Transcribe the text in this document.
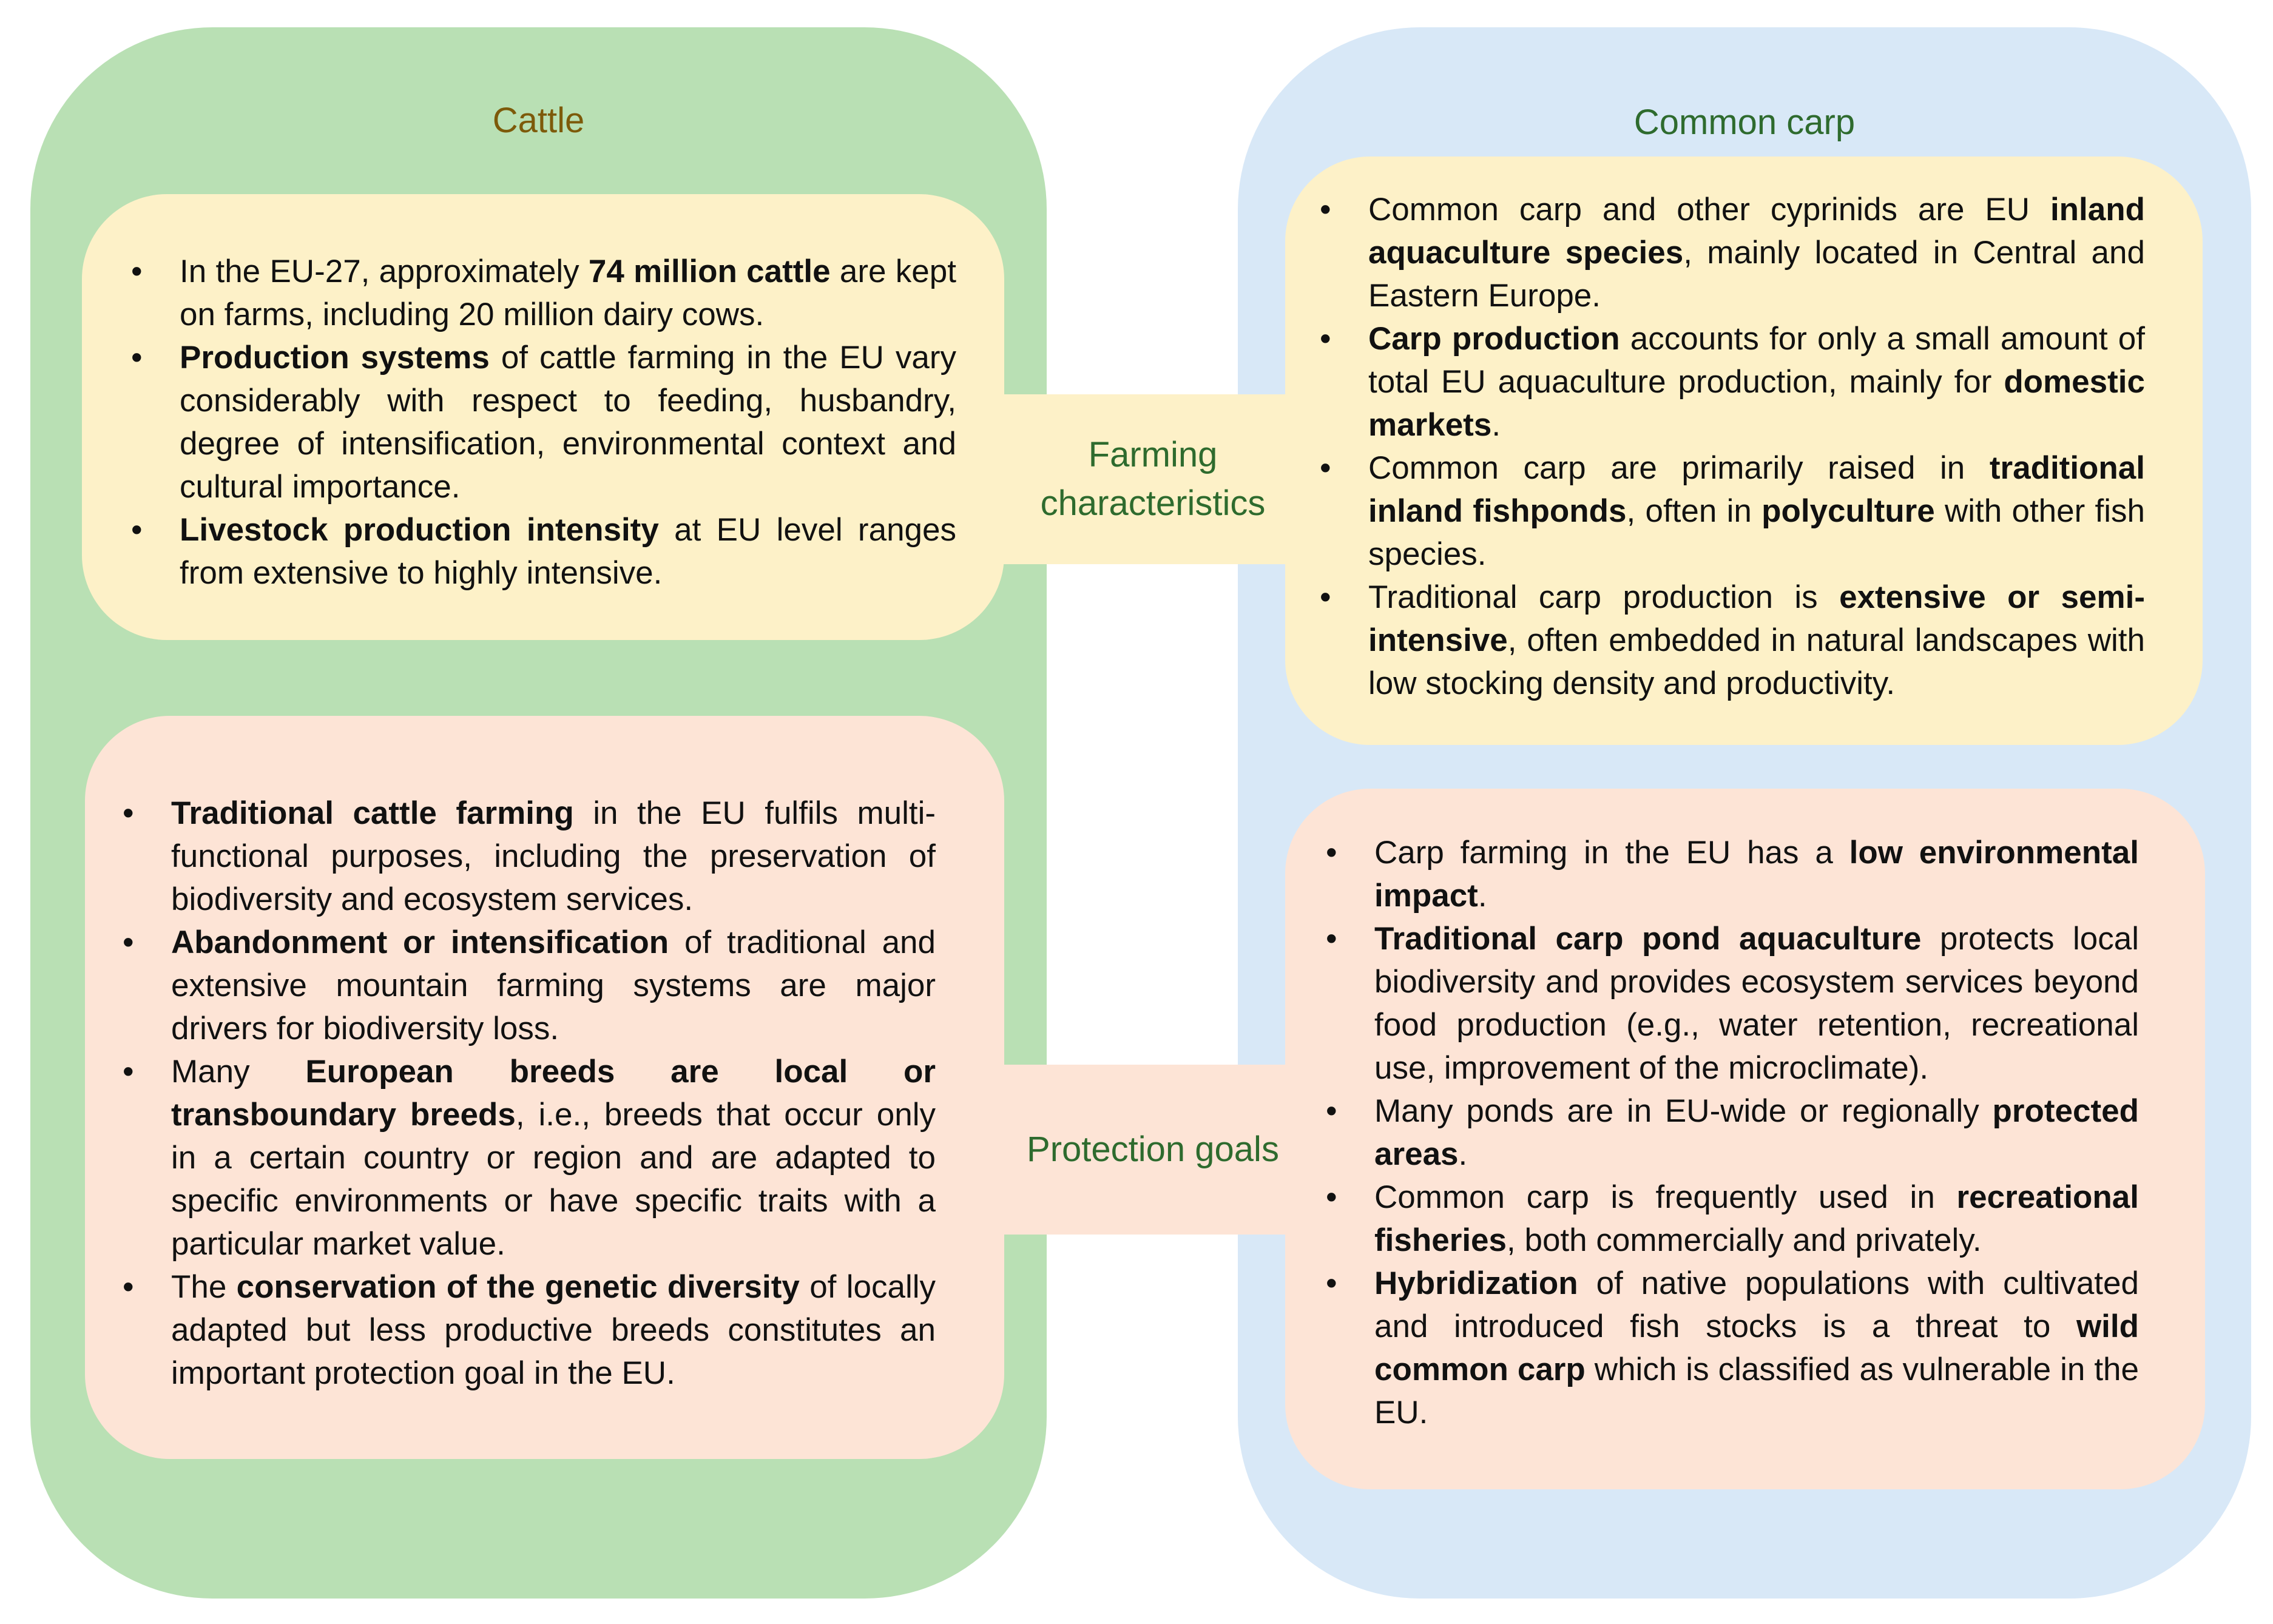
Cattle	Common carp
Farming
characteristics
Protection goals
• In the EU-27, approximately 74 million cattle are kept on farms, including 20 million dairy cows.
• Production systems of cattle farming in the EU vary considerably with respect to feeding, husbandry, degree of intensification, environmental context and cultural importance.
• Livestock production intensity at EU level ranges from extensive to highly intensive.
• Traditional cattle farming in the EU fulfils multi-functional purposes, including the preservation of biodiversity and ecosystem services.
• Abandonment or intensification of traditional and extensive mountain farming systems are major drivers for biodiversity loss.
• Many European breeds are local or transboundary breeds, i.e., breeds that occur only in a certain country or region and are adapted to specific environments or have specific traits with a particular market value.
• The conservation of the genetic diversity of locally adapted but less productive breeds constitutes an important protection goal in the EU.
• Common carp and other cyprinids are EU inland aquaculture species, mainly located in Central and Eastern Europe.
• Carp production accounts for only a small amount of total EU aquaculture production, mainly for domestic markets.
• Common carp are primarily raised in traditional inland fishponds, often in polyculture with other fish species.
• Traditional carp production is extensive or semi-intensive, often embedded in natural landscapes with low stocking density and productivity.
• Carp farming in the EU has a low environmental impact.
• Traditional carp pond aquaculture protects local biodiversity and provides ecosystem services beyond food production (e.g., water retention, recreational use, improvement of the microclimate).
• Many ponds are in EU-wide or regionally protected areas.
• Common carp is frequently used in recreational fisheries, both commercially and privately.
• Hybridization of native populations with cultivated and introduced fish stocks is a threat to wild common carp which is classified as vulnerable in the EU.
